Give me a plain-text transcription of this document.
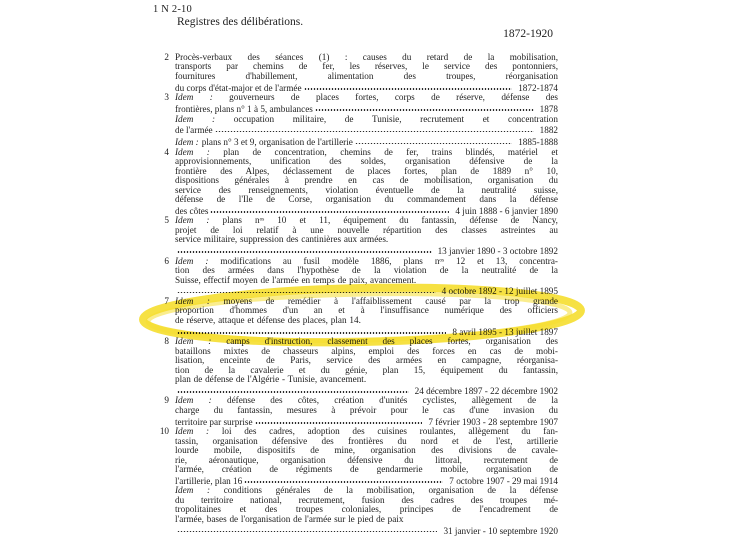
1 N 2-10
Registres des délibérations.
1872-1920
2 Procès-verbaux des séances (1) : causes du retard de la mobilisation,
transports par chemins de fer, les réserves, le service des pontonniers,
fournitures d'habillement, alimentation des troupes, réorganisation
du corps d'état-major et de l'armée	1872-1874
3 Idem : gouverneurs de places fortes, corps de réserve, défense des
frontières, plans n° 1 à 5, ambulances	1878
Idem : occupation militaire, de Tunisie, recrutement et concentration
de l'armée	1882
Idem : plans n° 3 et 9, organisation de l'artillerie	1885-1888
4 Idem : plan de concentration, chemins de fer, trains blindés, matériel et
approvisionnements, unification des soldes, organisation défensive de la
frontière des Alpes, déclassement de places fortes, plan de 1889 n° 10,
dispositions générales à prendre en cas de mobilisation, organisation du
service des renseignements, violation éventuelle de la neutralité suisse,
défense de l'Ile de Corse, organisation du commandement dans la défense
des côtes	4 juin 1888 - 6 janvier 1890
5 Idem : plans nᵒˢ 10 et 11, équipement du fantassin, défense de Nancy,
projet de loi relatif à une nouvelle répartition des classes astreintes au
service militaire, suppression des cantinières aux armées.
13 janvier 1890 - 3 octobre 1892
6 Idem : modifications au fusil modèle 1886, plans nᵒˢ 12 et 13, concentra-
tion des armées dans l'hypothèse de la violation de la neutralité de la
Suisse, effectif moyen de l'armée en temps de paix, avancement.
4 octobre 1892 - 12 juillet 1895
7 Idem : moyens de remédier à l'affaiblissement causé par la trop grande
proportion d'hommes d'un an et à l'insuffisance numérique des officiers
de réserve, attaque et défense des places, plan 14.
8 avril 1895 - 13 juillet 1897
8 Idem : camps d'instruction, classement des places fortes, organisation des
bataillons mixtes de chasseurs alpins, emploi des forces en cas de mobi-
lisation, enceinte de Paris, service des armées en campagne, réorganisa-
tion de la cavalerie et du génie, plan 15, équipement du fantassin,
plan de défense de l'Algérie - Tunisie, avancement.
24 décembre 1897 - 22 décembre 1902
9 Idem : défense des côtes, création d'unités cyclistes, allègement de la
charge du fantassin, mesures à prévoir pour le cas d'une invasion du
territoire par surprise	7 février 1903 - 28 septembre 1907
10 Idem : loi des cadres, adoption des cuisines roulantes, allègement du fan-
tassin, organisation défensive des frontières du nord et de l'est, artillerie
lourde mobile, dispositifs de mine, organisation des divisions de cavale-
rie, aéronautique, organisation défensive du littoral, recrutement de
l'armée, création de régiments de gendarmerie mobile, organisation de
l'artillerie, plan 16	7 octobre 1907 - 29 mai 1914
Idem : conditions générales de la mobilisation, organisation de la défense
du territoire national, recrutement, fusion des cadres des troupes mé-
tropolitaines et des troupes coloniales, principes de l'encadrement de
l'armée, bases de l'organisation de l'armée sur le pied de paix
31 janvier - 10 septembre 1920
